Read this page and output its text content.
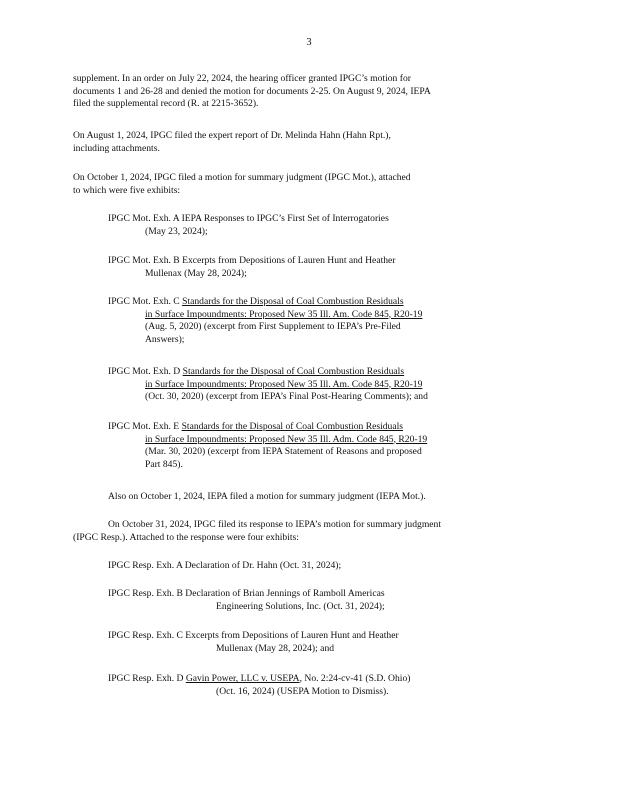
3
supplement. In an order on July 22, 2024, the hearing officer granted IPGC’s motion for
documents 1 and 26-28 and denied the motion for documents 2-25. On August 9, 2024, IEPA
filed the supplemental record (R. at 2215-3652).
On August 1, 2024, IPGC filed the expert report of Dr. Melinda Hahn (Hahn Rpt.),
including attachments.
On October 1, 2024, IPGC filed a motion for summary judgment (IPGC Mot.), attached
to which were five exhibits:
IPGC Mot. Exh. A IEPA Responses to IPGC’s First Set of Interrogatories
(May 23, 2024);
IPGC Mot. Exh. B Excerpts from Depositions of Lauren Hunt and Heather
Mullenax (May 28, 2024);
IPGC Mot. Exh. C Standards for the Disposal of Coal Combustion Residuals
in Surface Impoundments: Proposed New 35 Ill. Am. Code 845, R20-19
(Aug. 5, 2020) (excerpt from First Supplement to IEPA’s Pre-Filed
Answers);
IPGC Mot. Exh. D Standards for the Disposal of Coal Combustion Residuals
in Surface Impoundments: Proposed New 35 Ill. Am. Code 845, R20-19
(Oct. 30, 2020) (excerpt from IEPA’s Final Post-Hearing Comments); and
IPGC Mot. Exh. E Standards for the Disposal of Coal Combustion Residuals
in Surface Impoundments: Proposed New 35 Ill. Adm. Code 845, R20-19
(Mar. 30, 2020) (excerpt from IEPA Statement of Reasons and proposed
Part 845).
Also on October 1, 2024, IEPA filed a motion for summary judgment (IEPA Mot.).
On October 31, 2024, IPGC filed its response to IEPA’s motion for summary judgment
(IPGC Resp.). Attached to the response were four exhibits:
IPGC Resp. Exh. A Declaration of Dr. Hahn (Oct. 31, 2024);
IPGC Resp. Exh. B Declaration of Brian Jennings of Ramboll Americas
Engineering Solutions, Inc. (Oct. 31, 2024);
IPGC Resp. Exh. C Excerpts from Depositions of Lauren Hunt and Heather
Mullenax (May 28, 2024); and
IPGC Resp. Exh. D Gavin Power, LLC v. USEPA, No. 2:24-cv-41 (S.D. Ohio)
(Oct. 16, 2024) (USEPA Motion to Dismiss).
